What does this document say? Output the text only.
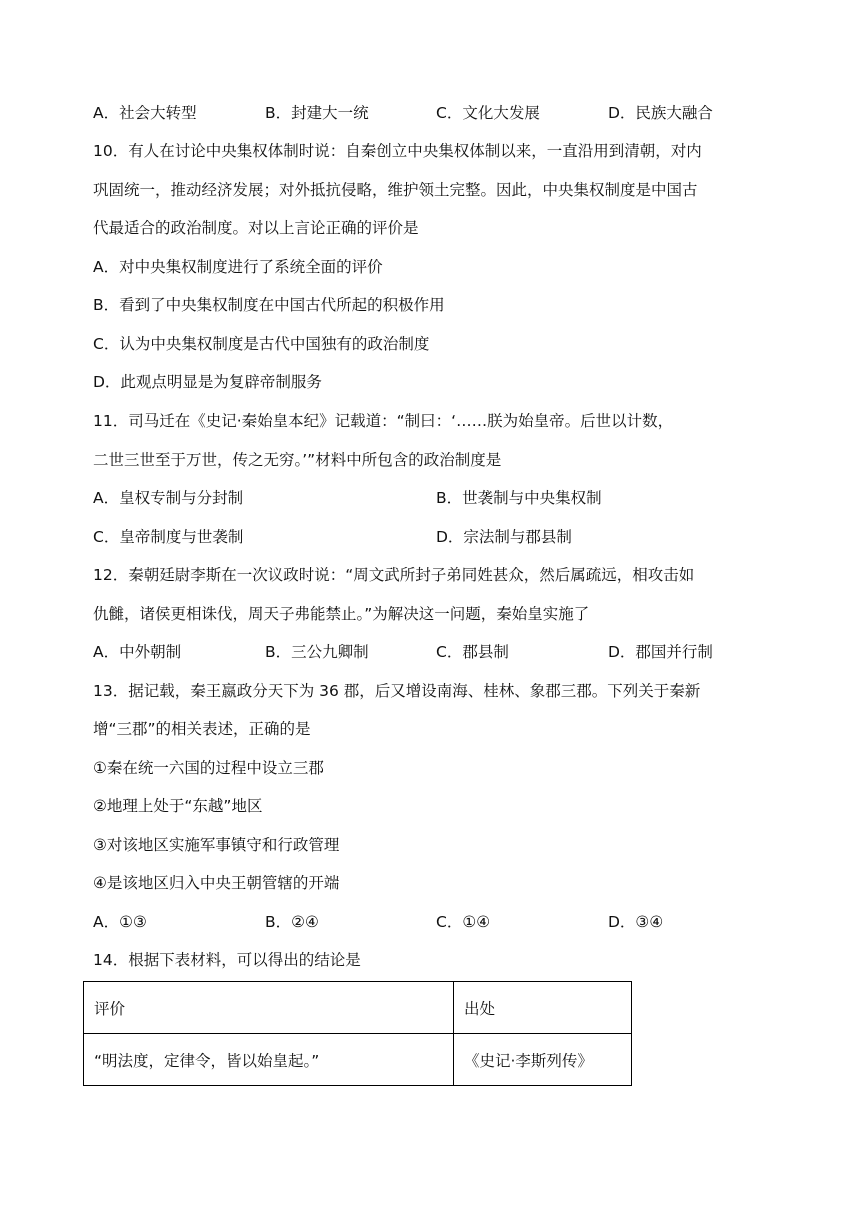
A．社会大转型	B．封建大一统	C．文化大发展	D．民族大融合
10．有人在讨论中央集权体制时说：自秦创立中央集权体制以来，一直沿用到清朝，对内
巩固统一，推动经济发展；对外抵抗侵略，维护领土完整。因此，中央集权制度是中国古
代最适合的政治制度。对以上言论正确的评价是
A．对中央集权制度进行了系统全面的评价
B．看到了中央集权制度在中国古代所起的积极作用
C．认为中央集权制度是古代中国独有的政治制度
D．此观点明显是为复辟帝制服务
11．司马迁在《史记·秦始皇本纪》记载道：“制曰：‘……朕为始皇帝。后世以计数，
二世三世至于万世，传之无穷。’”材料中所包含的政治制度是
A．皇权专制与分封制	B．世袭制与中央集权制
C．皇帝制度与世袭制	D．宗法制与郡县制
12．秦朝廷尉李斯在一次议政时说：“周文武所封子弟同姓甚众，然后属疏远，相攻击如
仇雠，诸侯更相诛伐，周天子弗能禁止。”为解决这一问题，秦始皇实施了
A．中外朝制	B．三公九卿制	C．郡县制	D．郡国并行制
13．据记载，秦王嬴政分天下为 36 郡，后又增设南海、桂林、象郡三郡。下列关于秦新
增“三郡”的相关表述，正确的是
①秦在统一六国的过程中设立三郡
②地理上处于“东越”地区
③对该地区实施军事镇守和行政管理
④是该地区归入中央王朝管辖的开端
A．①③	B．②④	C．①④	D．③④
14．根据下表材料，可以得出的结论是
评价	出处
“明法度，定律令，皆以始皇起。”	《史记·李斯列传》
